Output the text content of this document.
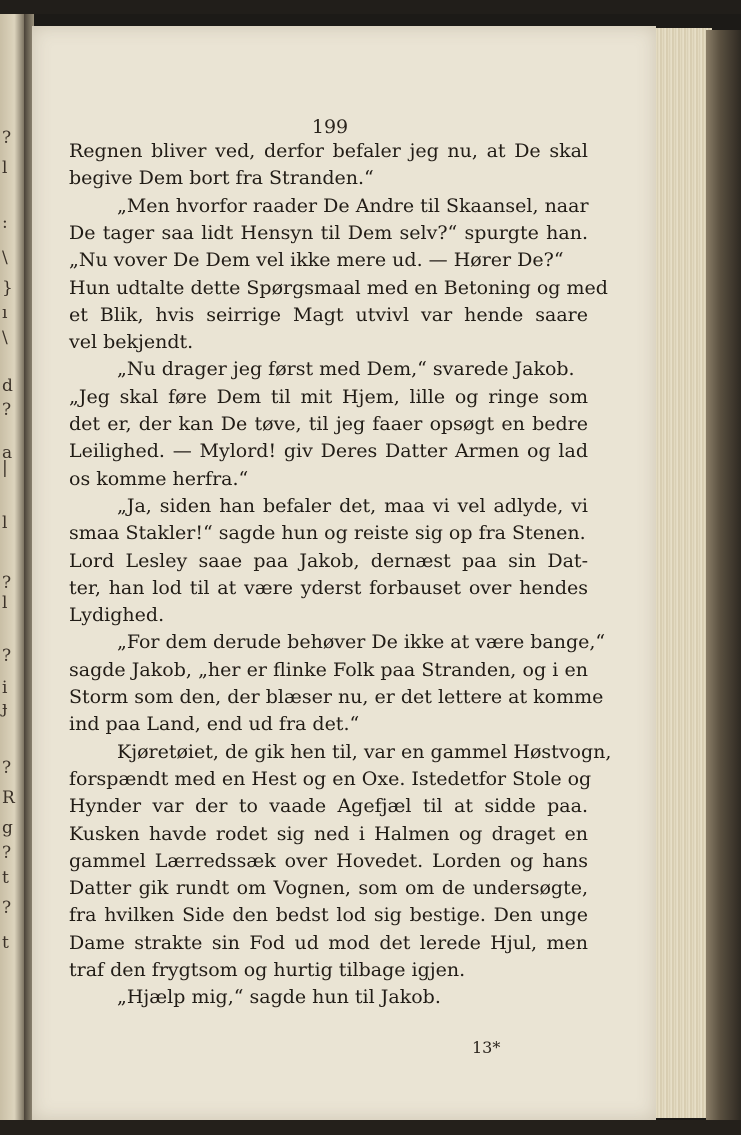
?
l
:
\
}
ı
\
d
?
a
|
l
?
l
?
i
ɟ
?
R
g
?
t
?
t
199
Regnen bliver ved, derfor befaler jeg nu, at De skal
begive Dem bort fra Stranden.“
„Men hvorfor raader De Andre til Skaansel, naar
De tager saa lidt Hensyn til Dem selv?“ spurgte han.
„Nu vover De Dem vel ikke mere ud. — Hører De?“
Hun udtalte dette Spørgsmaal med en Betoning og med
et Blik, hvis seirrige Magt utvivl var hende saare
vel bekjendt.
„Nu drager jeg først med Dem,“ svarede Jakob.
„Jeg skal føre Dem til mit Hjem, lille og ringe som
det er, der kan De tøve, til jeg faaer opsøgt en bedre
Leilighed. — Mylord! giv Deres Datter Armen og lad
os komme herfra.“
„Ja, siden han befaler det, maa vi vel adlyde, vi
smaa Stakler!“ sagde hun og reiste sig op fra Stenen.
Lord Lesley saae paa Jakob, dernæst paa sin Dat-
ter, han lod til at være yderst forbauset over hendes
Lydighed.
„For dem derude behøver De ikke at være bange,“
sagde Jakob, „her er flinke Folk paa Stranden, og i en
Storm som den, der blæser nu, er det lettere at komme
ind paa Land, end ud fra det.“
Kjøretøiet, de gik hen til, var en gammel Høstvogn,
forspændt med en Hest og en Oxe. Istedetfor Stole og
Hynder var der to vaade Agefjæl til at sidde paa.
Kusken havde rodet sig ned i Halmen og draget en
gammel Lærredssæk over Hovedet. Lorden og hans
Datter gik rundt om Vognen, som om de undersøgte,
fra hvilken Side den bedst lod sig bestige. Den unge
Dame strakte sin Fod ud mod det lerede Hjul, men
traf den frygtsom og hurtig tilbage igjen.
„Hjælp mig,“ sagde hun til Jakob.
13*
